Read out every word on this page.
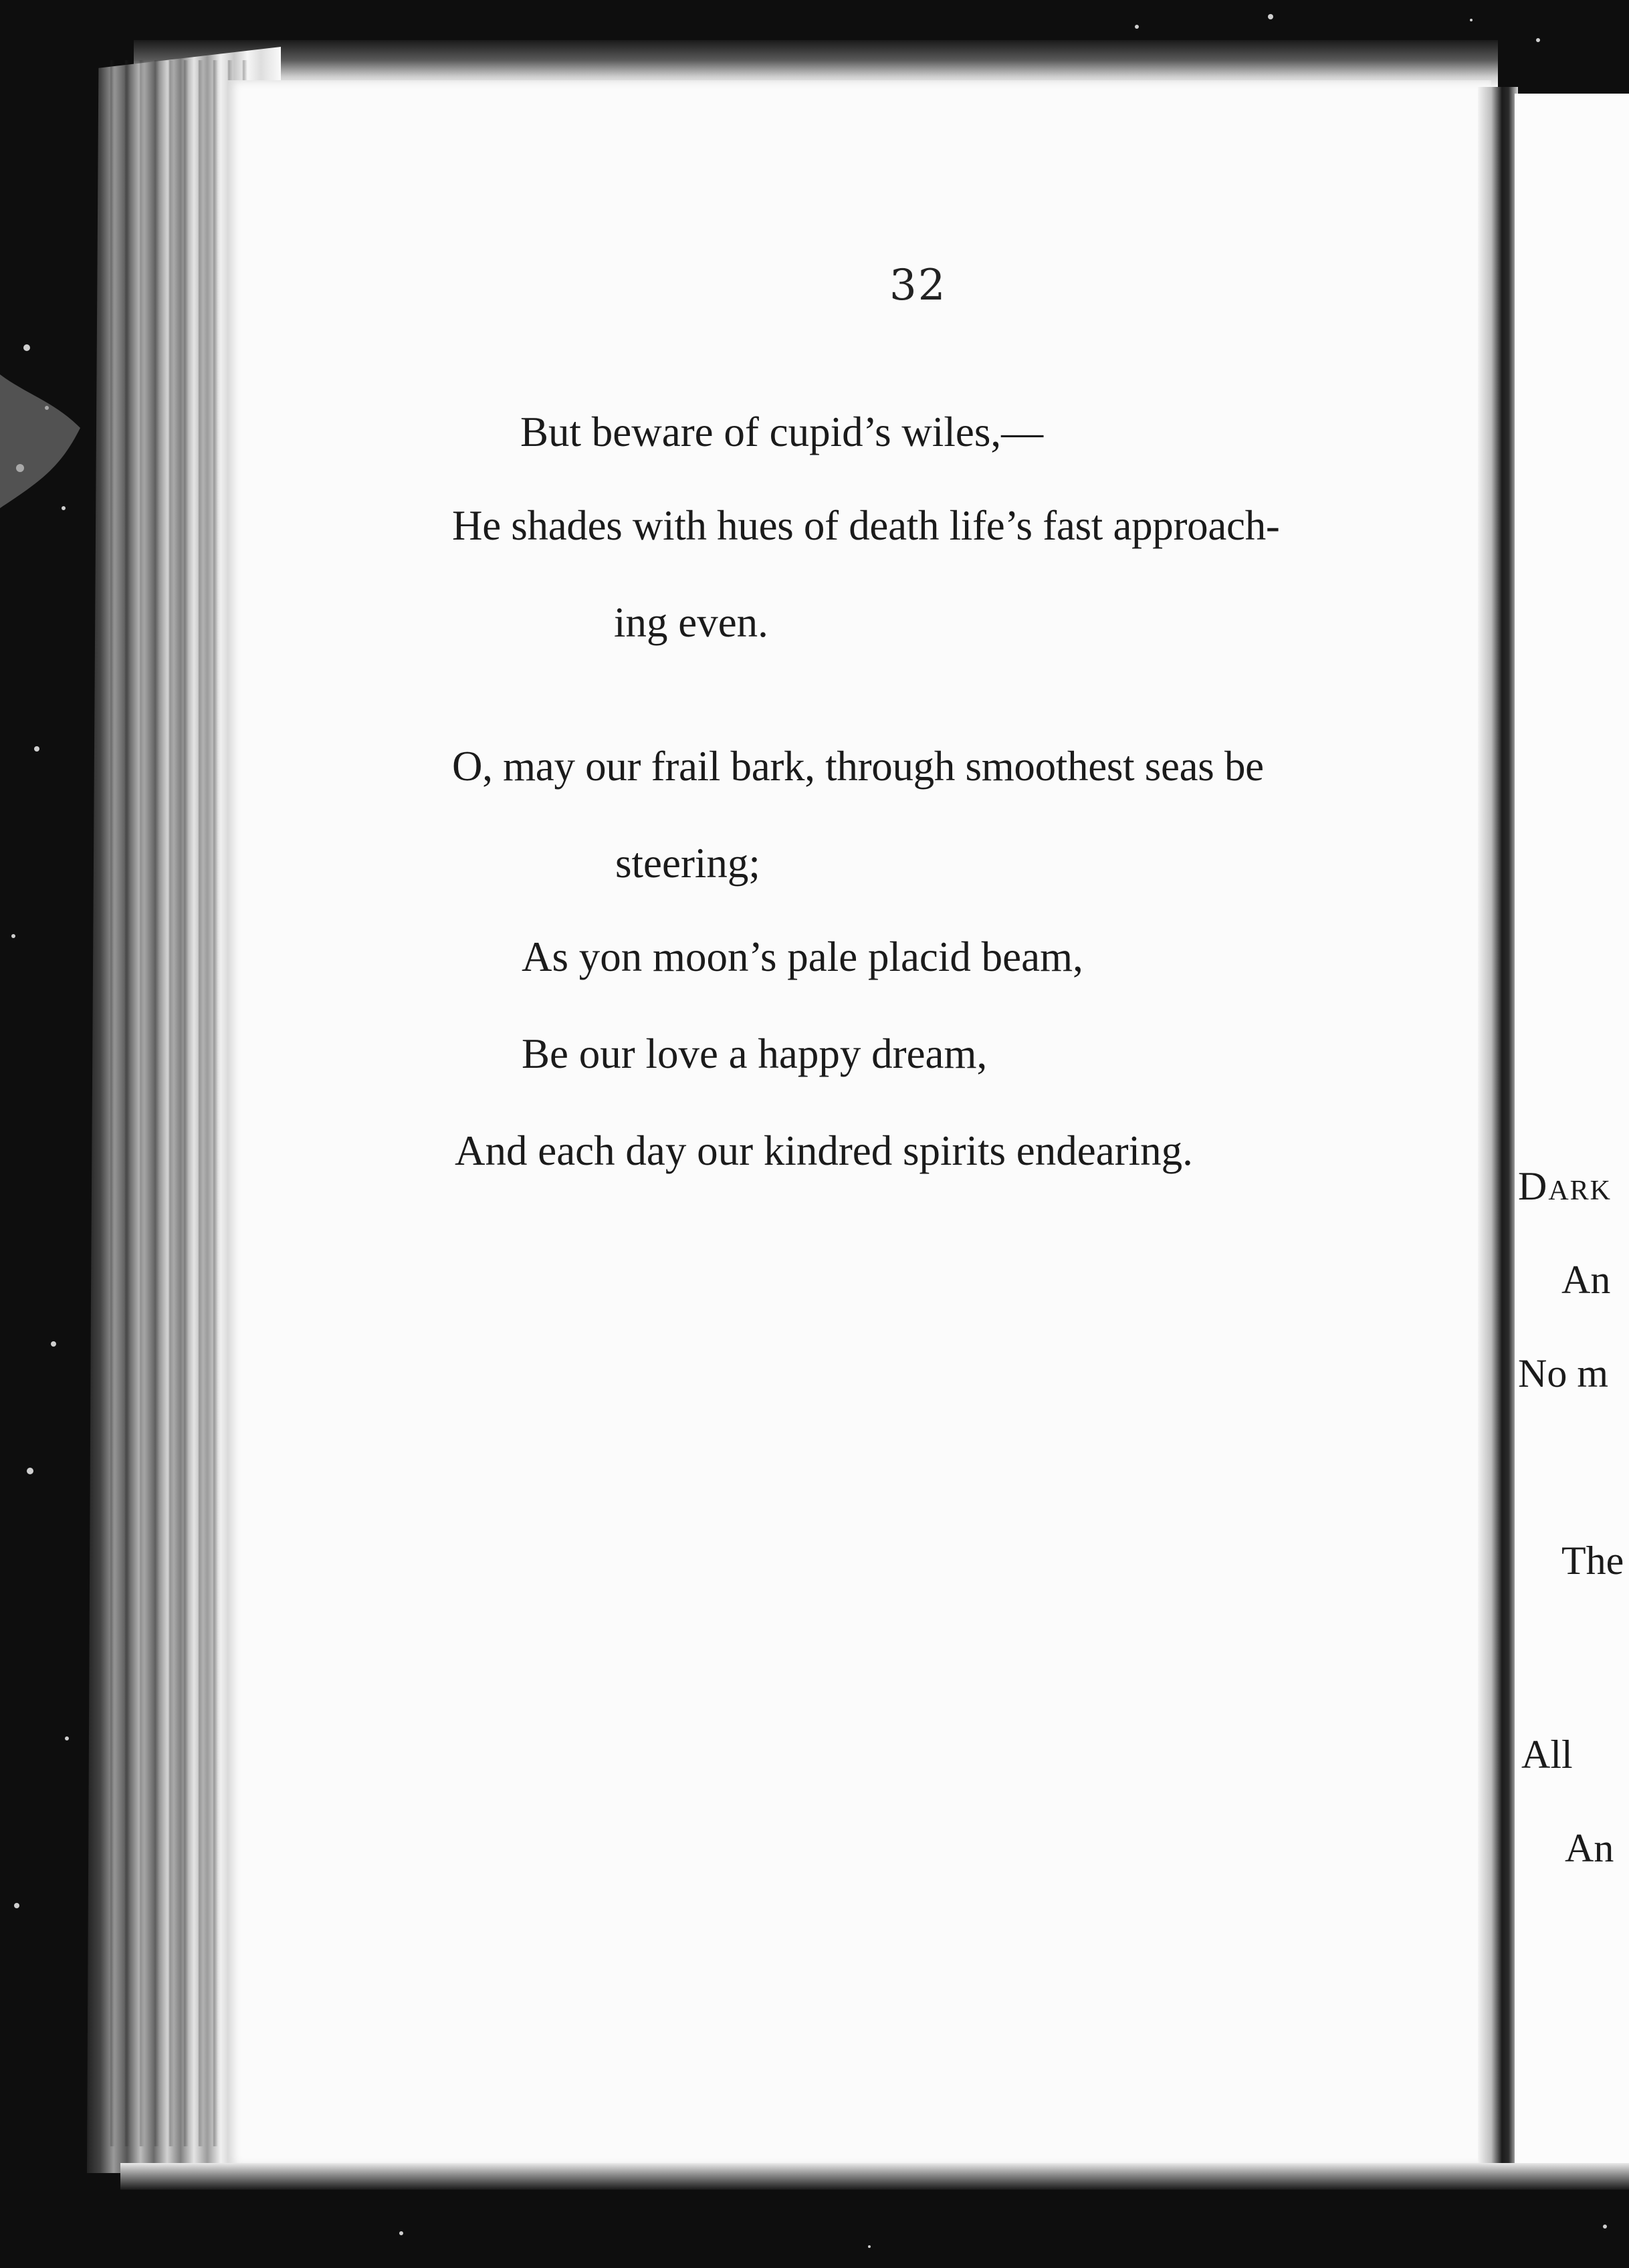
32
But beware of cupid’s wiles,—
He shades with hues of death life’s fast approach-
ing even.
O, may our frail bark, through smoothest seas be
steering;
As yon moon’s pale placid beam,
Be our love a happy dream,
And each day our kindred spirits endearing.
Dark
An
No m
The
All
An
